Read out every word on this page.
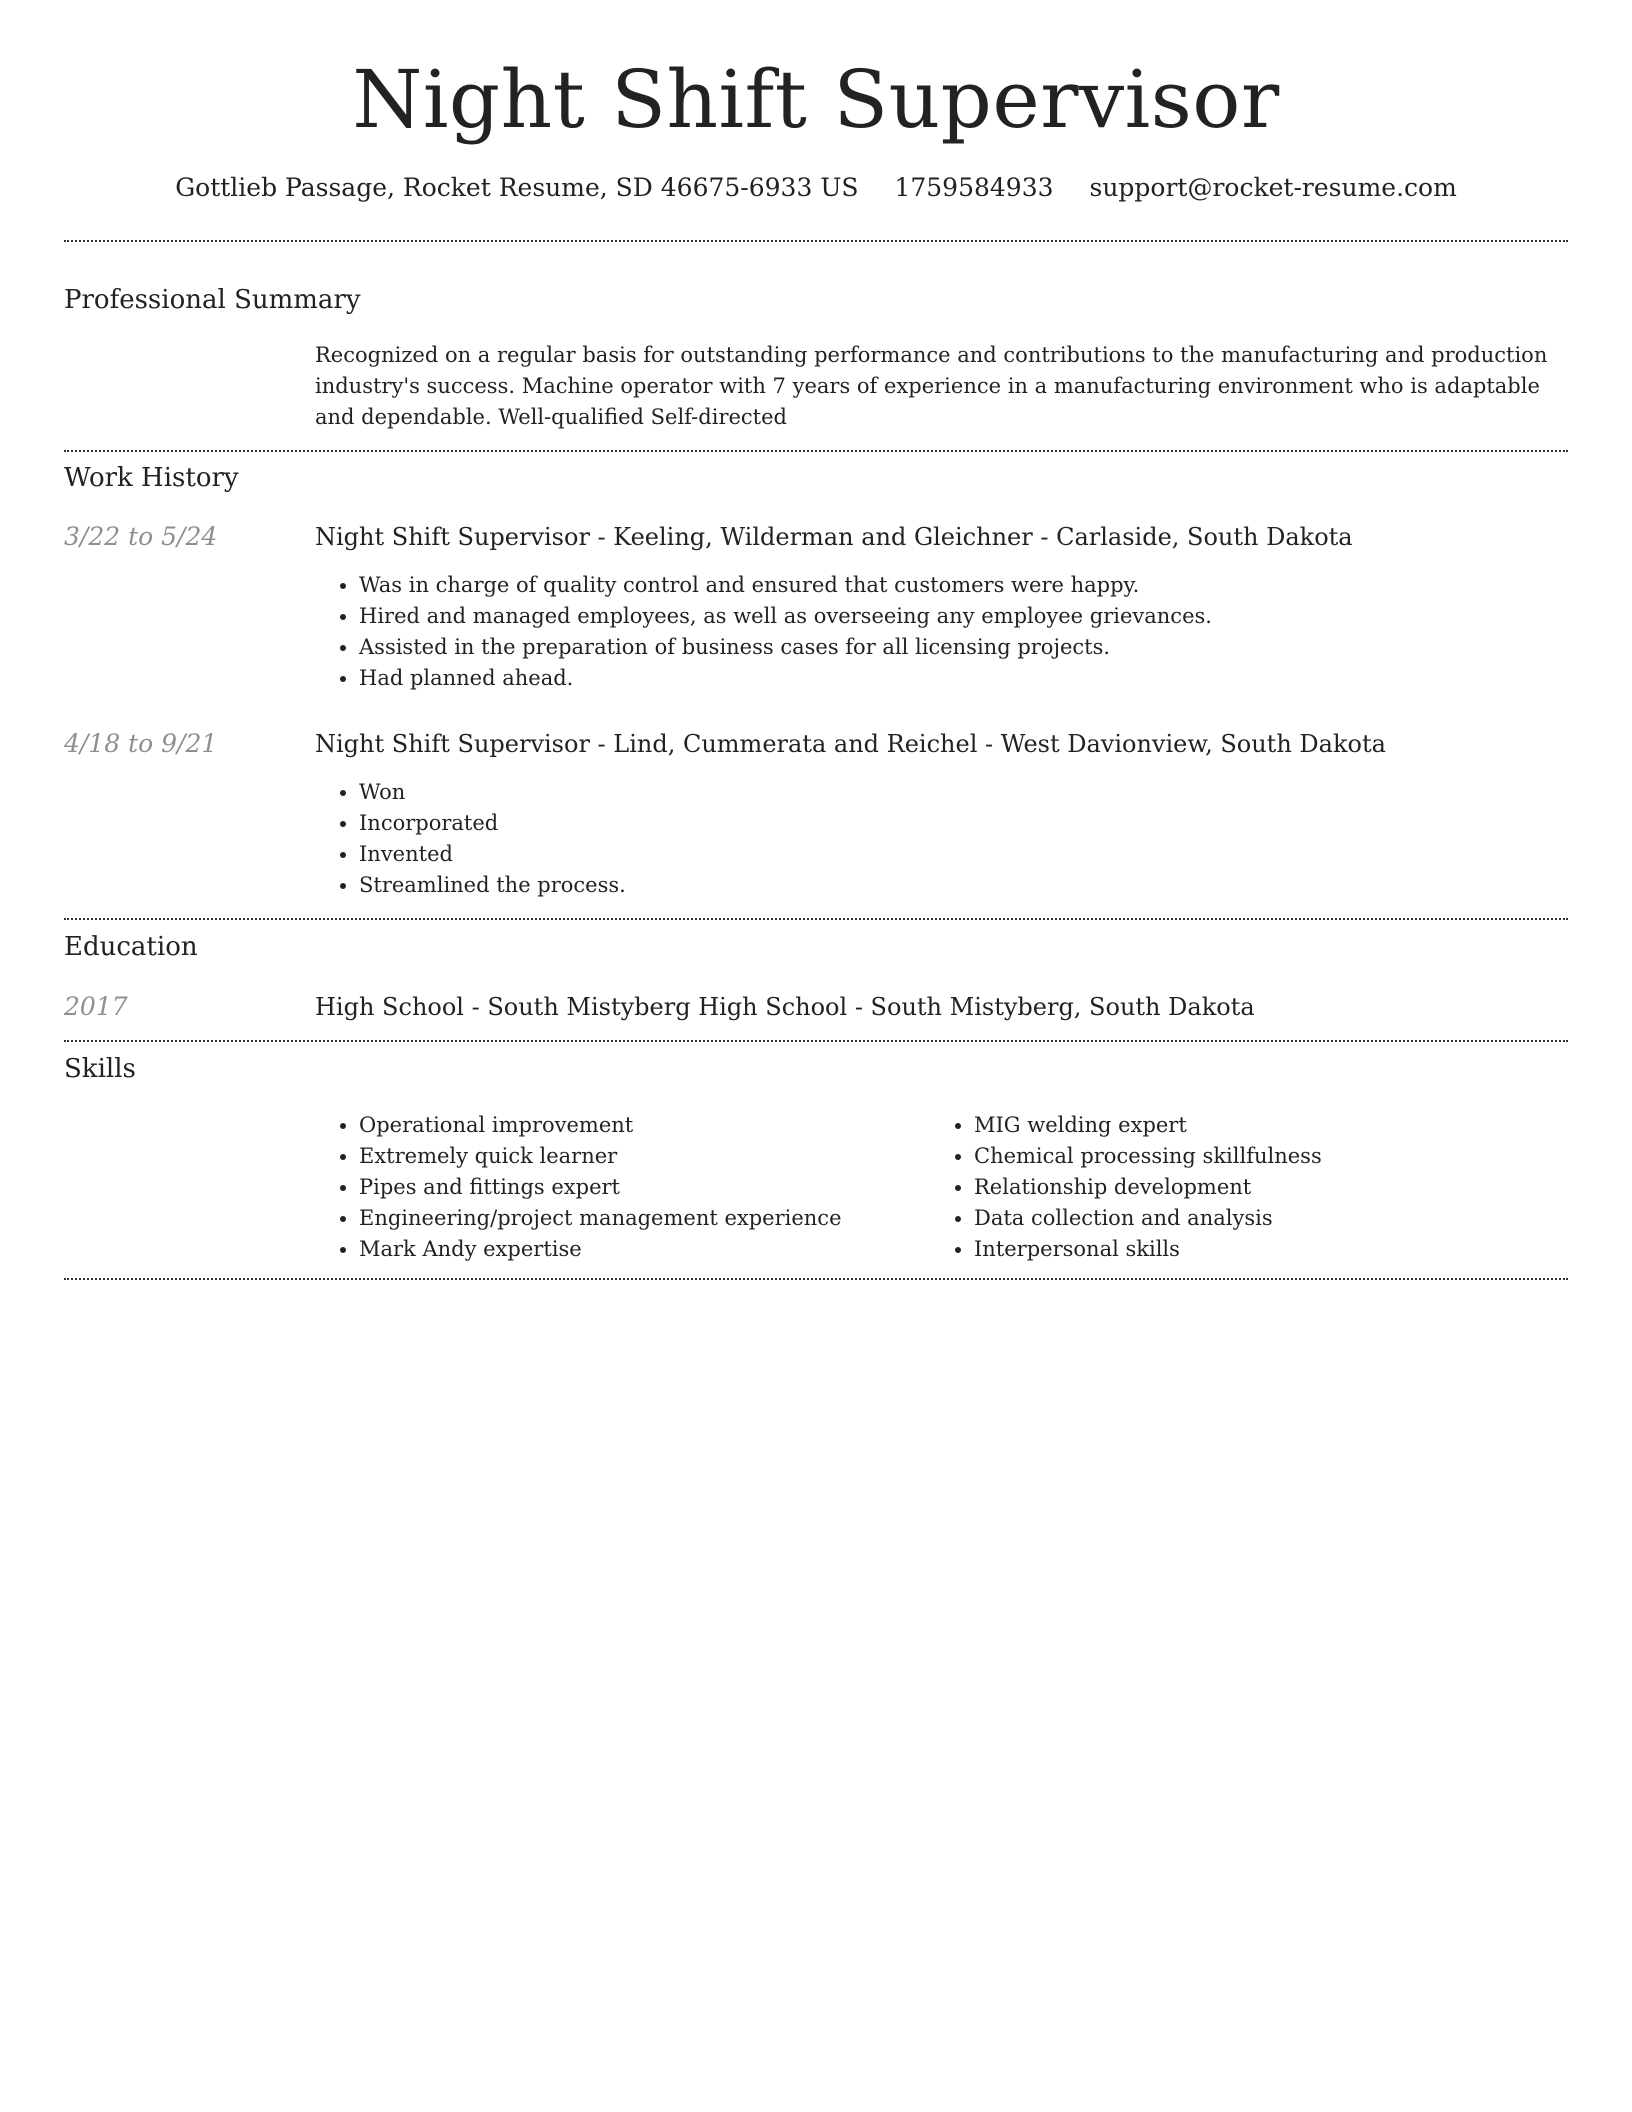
Night Shift Supervisor
Gottlieb Passage, Rocket Resume, SD 46675-6933 US 1759584933 support@rocket-resume.com
Professional Summary
Recognized on a regular basis for outstanding performance and contributions to the manufacturing and production industry's success. Machine operator with 7 years of experience in a manufacturing environment who is adaptable and dependable. Well-qualified Self-directed
Work History
3/22 to 5/24	Night Shift Supervisor - Keeling, Wilderman and Gleichner - Carlaside, South Dakota
• Was in charge of quality control and ensured that customers were happy.
• Hired and managed employees, as well as overseeing any employee grievances.
• Assisted in the preparation of business cases for all licensing projects.
• Had planned ahead.
4/18 to 9/21	Night Shift Supervisor - Lind, Cummerata and Reichel - West Davionview, South Dakota
• Won
• Incorporated
• Invented
• Streamlined the process.
Education
2017	High School - South Mistyberg High School - South Mistyberg, South Dakota
Skills
• Operational improvement
• Extremely quick learner
• Pipes and fittings expert
• Engineering/project management experience
• Mark Andy expertise
• MIG welding expert
• Chemical processing skillfulness
• Relationship development
• Data collection and analysis
• Interpersonal skills
